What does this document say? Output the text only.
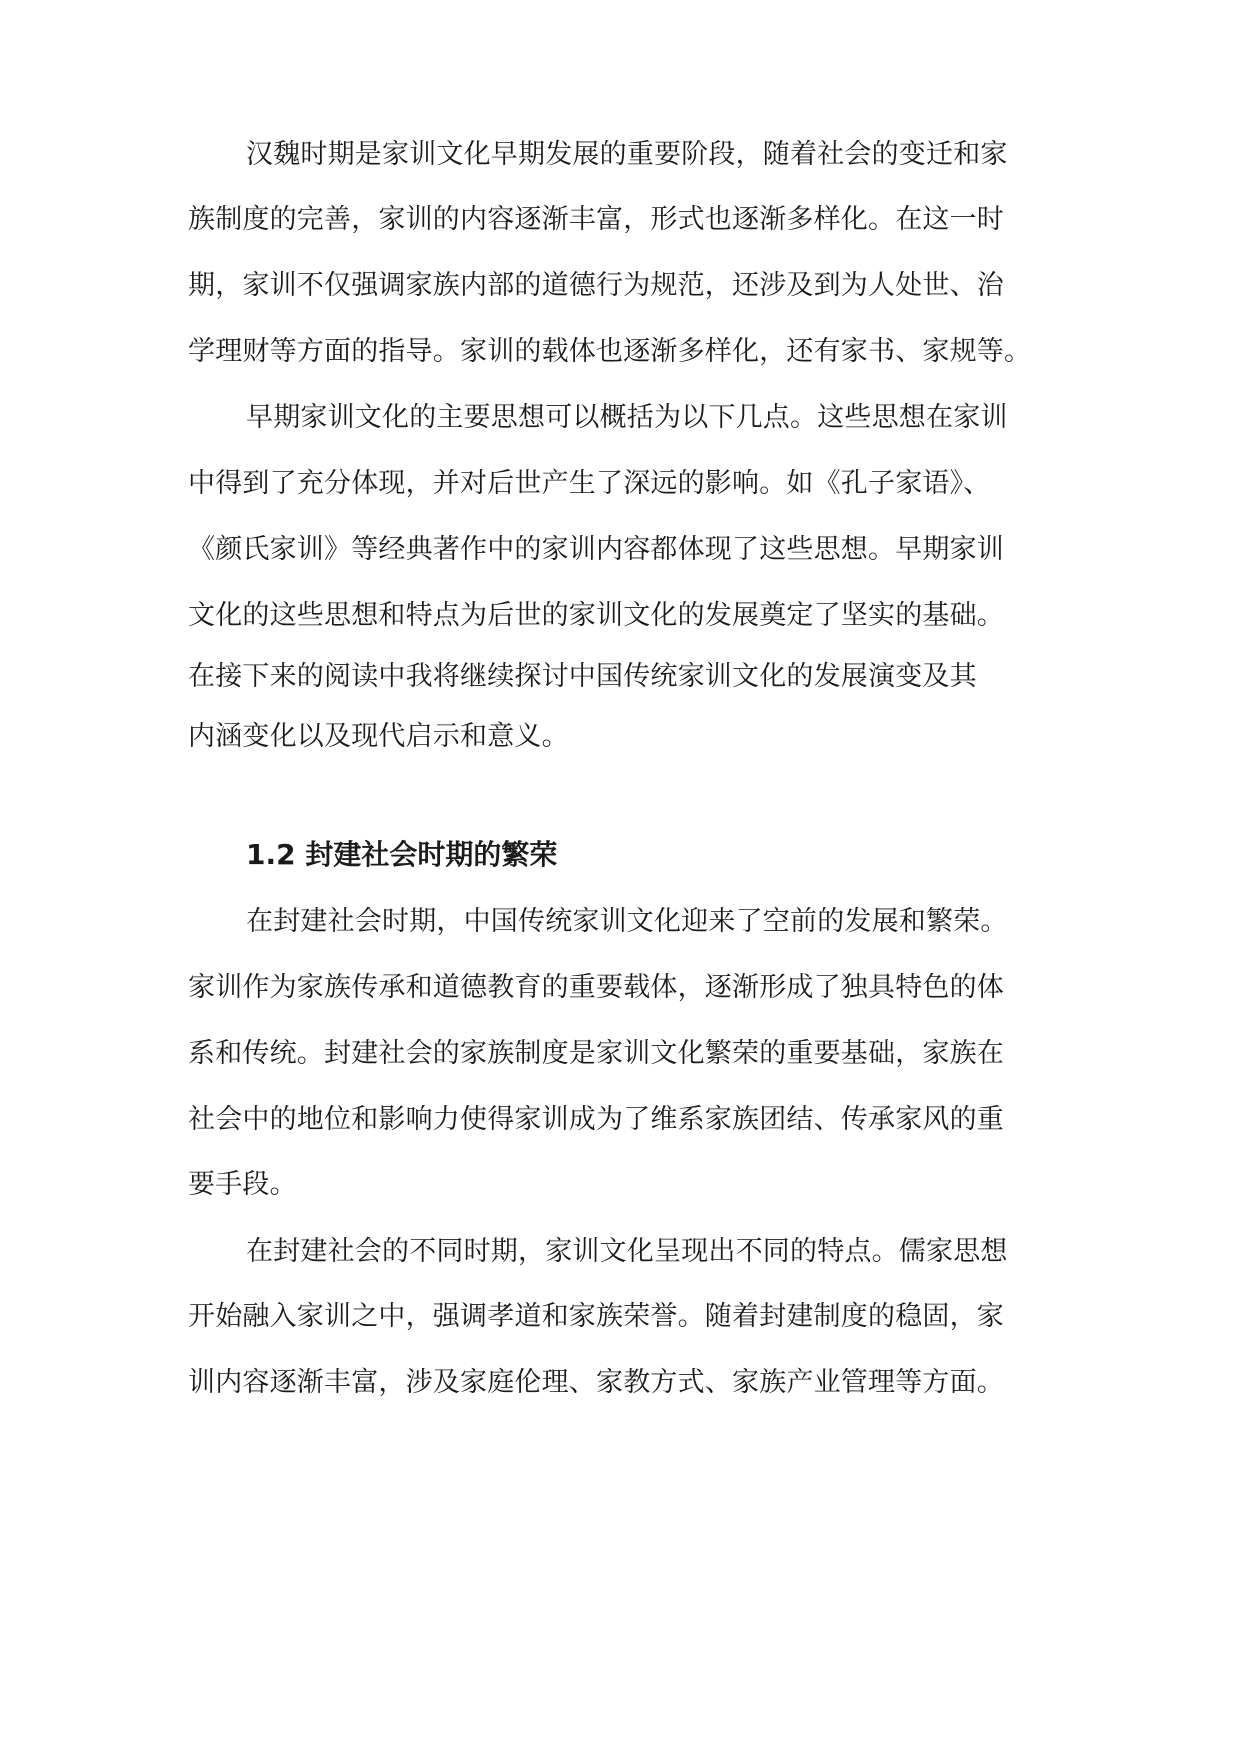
汉魏时期是家训文化早期发展的重要阶段，随着社会的变迁和家
族制度的完善，家训的内容逐渐丰富，形式也逐渐多样化。在这一时
期，家训不仅强调家族内部的道德行为规范，还涉及到为人处世、治
学理财等方面的指导。家训的载体也逐渐多样化，还有家书、家规等。
早期家训文化的主要思想可以概括为以下几点。这些思想在家训
中得到了充分体现，并对后世产生了深远的影响。如《孔子家语》、
《颜氏家训》等经典著作中的家训内容都体现了这些思想。早期家训
文化的这些思想和特点为后世的家训文化的发展奠定了坚实的基础。
在接下来的阅读中我将继续探讨中国传统家训文化的发展演变及其
内涵变化以及现代启示和意义。
1.2 封建社会时期的繁荣
在封建社会时期，中国传统家训文化迎来了空前的发展和繁荣。
家训作为家族传承和道德教育的重要载体，逐渐形成了独具特色的体
系和传统。封建社会的家族制度是家训文化繁荣的重要基础，家族在
社会中的地位和影响力使得家训成为了维系家族团结、传承家风的重
要手段。
在封建社会的不同时期，家训文化呈现出不同的特点。儒家思想
开始融入家训之中，强调孝道和家族荣誉。随着封建制度的稳固，家
训内容逐渐丰富，涉及家庭伦理、家教方式、家族产业管理等方面。
